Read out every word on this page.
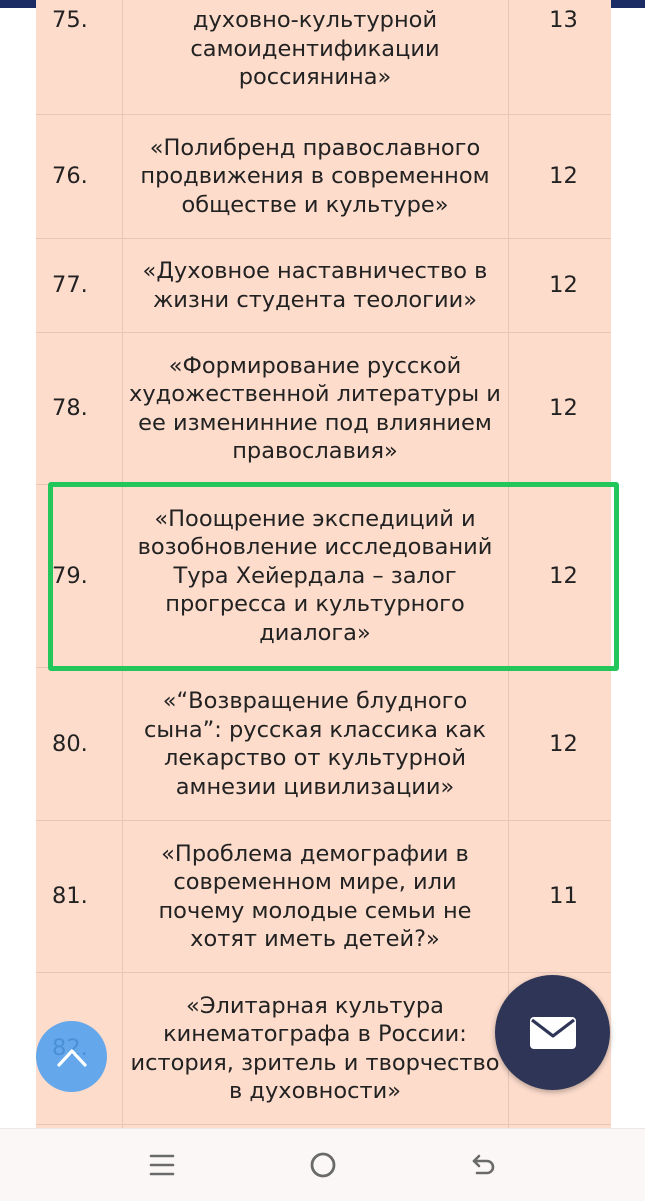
75.	духовно-культурной
самоидентификации
россиянина»
13
76.
«Полибренд православного
продвижения в современном
обществе и культуре»
12
77.
«Духовное наставничество в
жизни студента теологии»
12
78.
«Формирование русской
художественной литературы и
ее изменинние под влиянием
православия»
12
79.
«Поощрение экспедиций и
возобновление исследований
Тура Хейердала – залог
прогресса и культурного
диалога»
12
80.
«“Возвращение блудного
сына”: русская классика как
лекарство от культурной
амнезии цивилизации»
12
81.
«Проблема демографии в
современном мире, или
почему молодые семьи не
хотят иметь детей?»
11
«Элитарная культура
кинематографа в России:
история, зритель и творчество
в духовности»
